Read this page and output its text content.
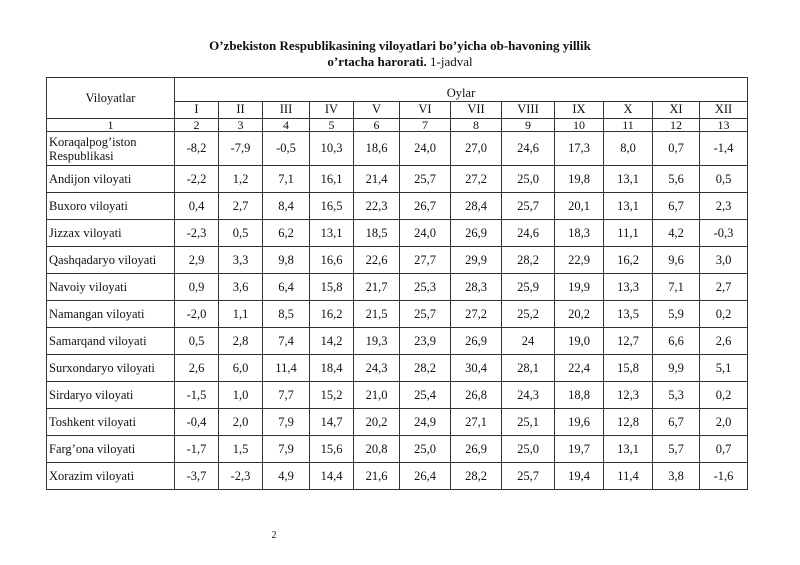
O’zbekiston Respublikasining viloyatlari bo’yicha ob-havoning yillik
o’rtacha harorati. 1-jadval
Viloyatlar	Oylar											
	I	II	III	IV	V	VI	VII	VIII	IX	X	XI	XII
1	2	3	4	5	6	7	8	9	10	11	12	13

Koraqalpog’iston
Respublikasi	-8,2	-7,9	-0,5	10,3	18,6	24,0	27,0	24,6	17,3	8,0	0,7	-1,4
Andijon viloyati	-2,2	1,2	7,1	16,1	21,4	25,7	27,2	25,0	19,8	13,1	5,6	0,5
Buxoro viloyati	0,4	2,7	8,4	16,5	22,3	26,7	28,4	25,7	20,1	13,1	6,7	2,3
Jizzax viloyati	-2,3	0,5	6,2	13,1	18,5	24,0	26,9	24,6	18,3	11,1	4,2	-0,3
Qashqadaryo viloyati	2,9	3,3	9,8	16,6	22,6	27,7	29,9	28,2	22,9	16,2	9,6	3,0
Navoiy viloyati	0,9	3,6	6,4	15,8	21,7	25,3	28,3	25,9	19,9	13,3	7,1	2,7
Namangan viloyati	-2,0	1,1	8,5	16,2	21,5	25,7	27,2	25,2	20,2	13,5	5,9	0,2
Samarqand viloyati	0,5	2,8	7,4	14,2	19,3	23,9	26,9	24	19,0	12,7	6,6	2,6
Surxondaryo viloyati	2,6	6,0	11,4	18,4	24,3	28,2	30,4	28,1	22,4	15,8	9,9	5,1
Sirdaryo viloyati	-1,5	1,0	7,7	15,2	21,0	25,4	26,8	24,3	18,8	12,3	5,3	0,2
Toshkent viloyati	-0,4	2,0	7,9	14,7	20,2	24,9	27,1	25,1	19,6	12,8	6,7	2,0
Farg’ona viloyati	-1,7	1,5	7,9	15,6	20,8	25,0	26,9	25,0	19,7	13,1	5,7	0,7
Xorazim viloyati	-3,7	-2,3	4,9	14,4	21,6	26,4	28,2	25,7	19,4	11,4	3,8	-1,6
2
